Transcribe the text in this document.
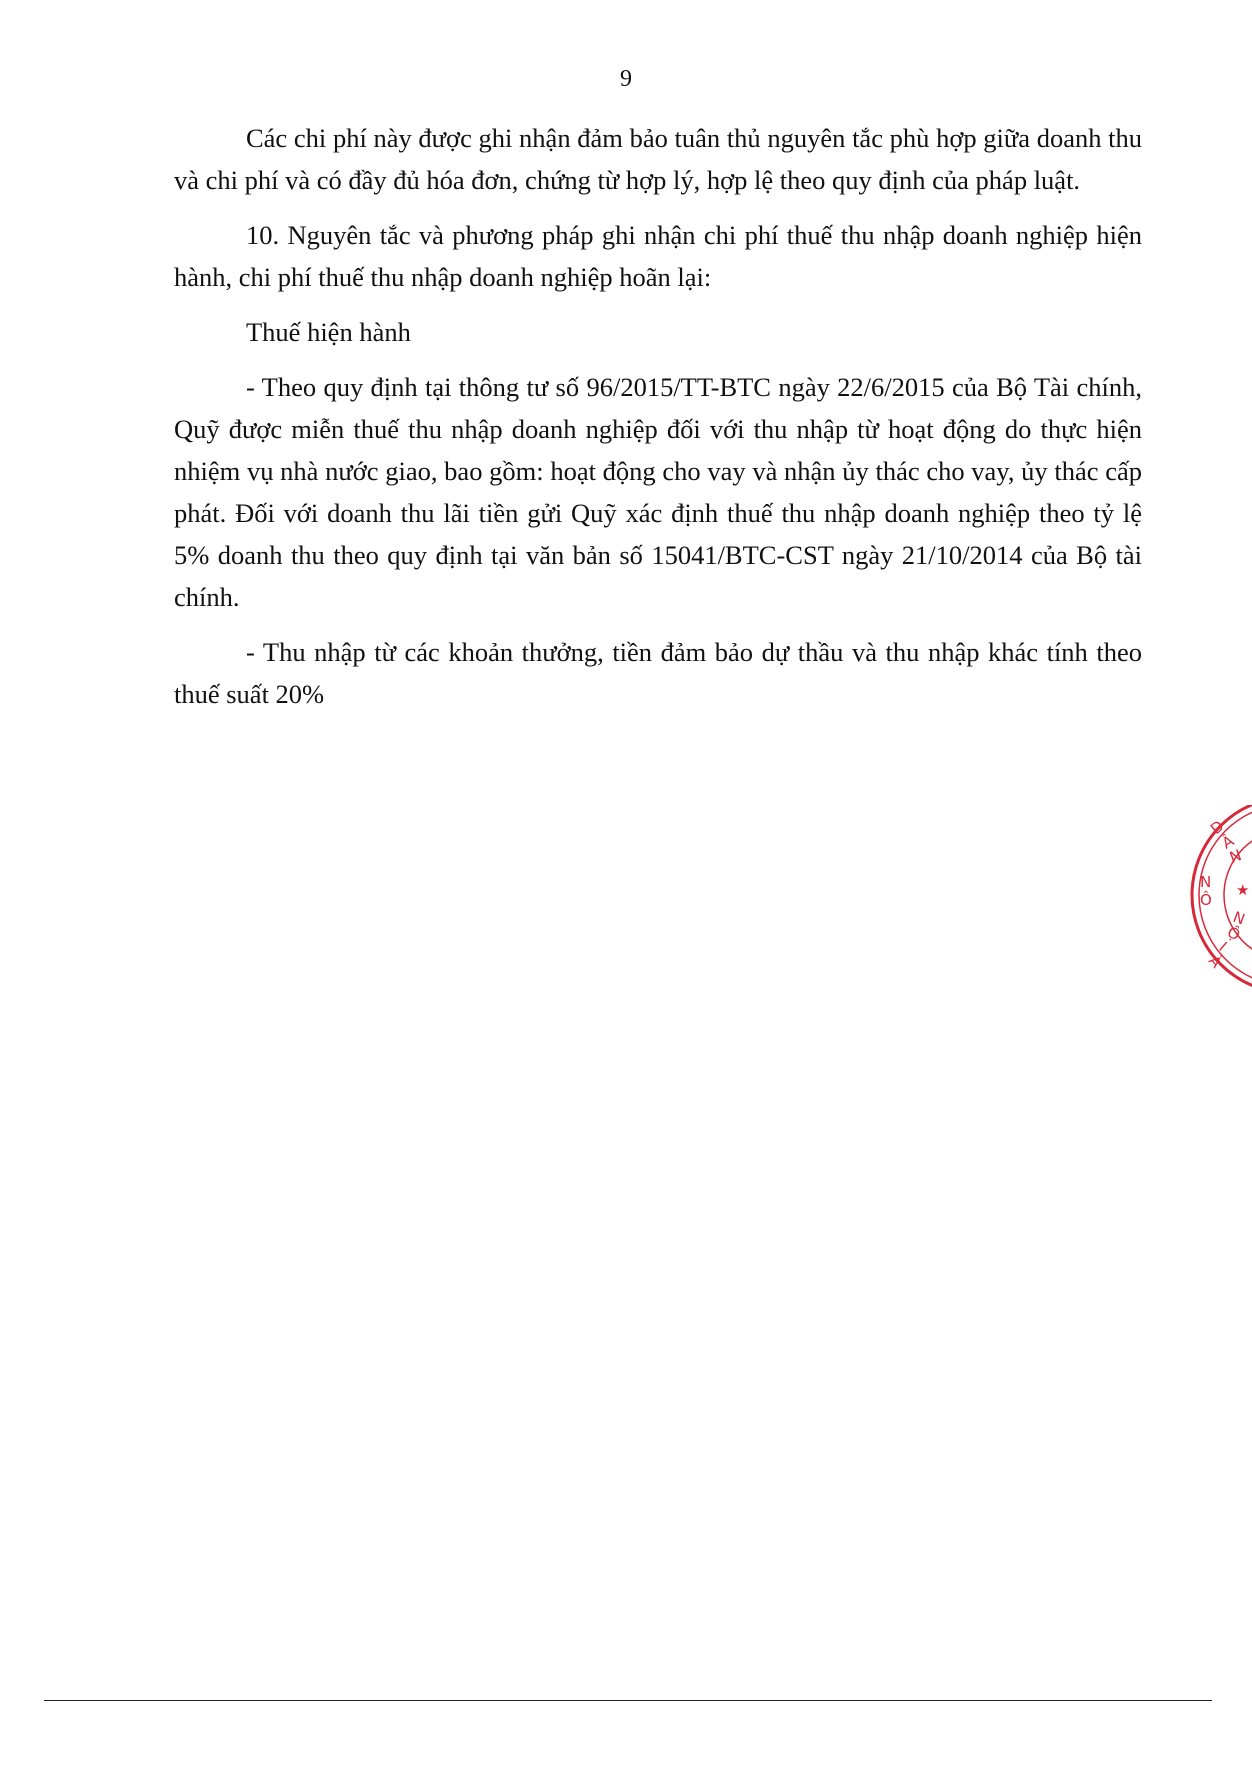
9

Các chi phí này được ghi nhận đảm bảo tuân thủ nguyên tắc phù hợp giữa doanh thu và chi phí và có đầy đủ hóa đơn, chứng từ hợp lý, hợp lệ theo quy định của pháp luật.

10. Nguyên tắc và phương pháp ghi nhận chi phí thuế thu nhập doanh nghiệp hiện hành, chi phí thuế thu nhập doanh nghiệp hoãn lại:

Thuế hiện hành

- Theo quy định tại thông tư số 96/2015/TT-BTC ngày 22/6/2015 của Bộ Tài chính, Quỹ được miễn thuế thu nhập doanh nghiệp đối với thu nhập từ hoạt động do thực hiện nhiệm vụ nhà nước giao, bao gồm: hoạt động cho vay và nhận ủy thác cho vay, ủy thác cấp phát. Đối với doanh thu lãi tiền gửi Quỹ xác định thuế thu nhập doanh nghiệp theo tỷ lệ 5% doanh thu theo quy định tại văn bản số 15041/BTC-CST ngày 21/10/2014 của Bộ tài chính.

- Thu nhập từ các khoản thưởng, tiền đảm bảo dự thầu và thu nhập khác tính theo thuế suất 20%

D
Â
N
★
N
Ộ
I
N
Ô
À
